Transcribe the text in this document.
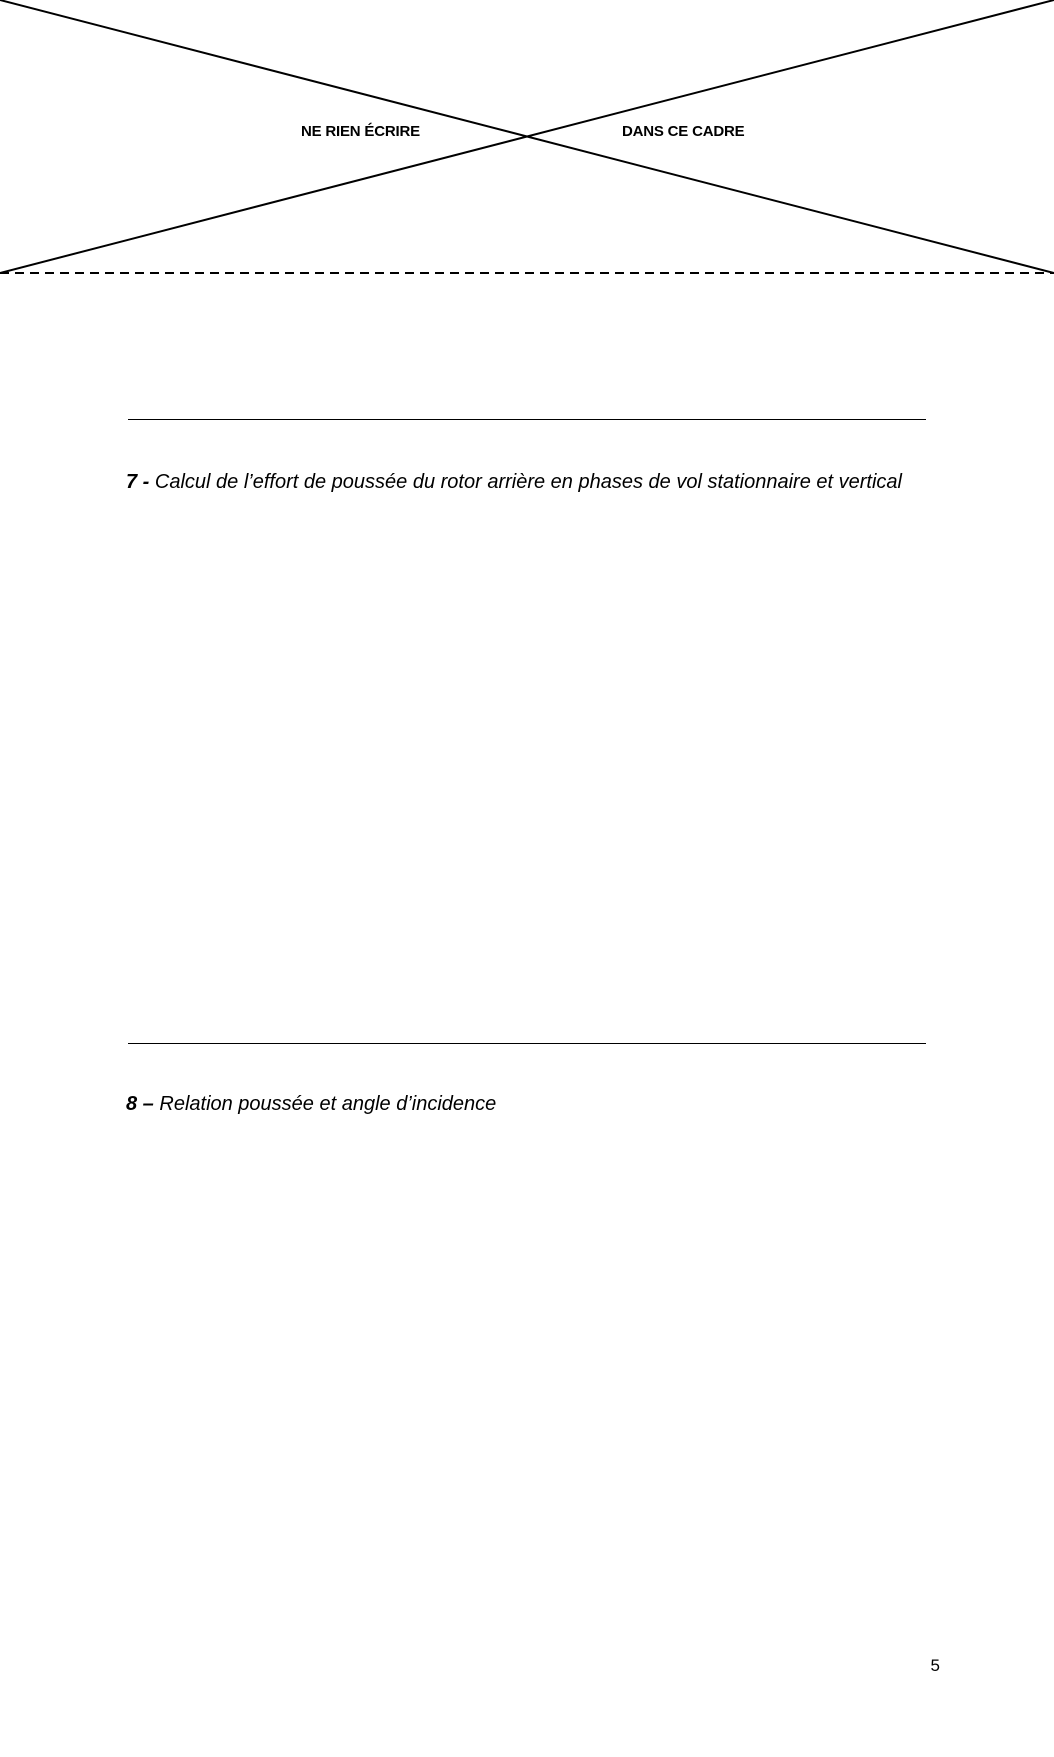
NE RIEN ÉCRIRE	DANS CE CADRE
7 - Calcul de l’effort de poussée du rotor arrière en phases de vol stationnaire et vertical
8 – Relation poussée et angle d’incidence
5
